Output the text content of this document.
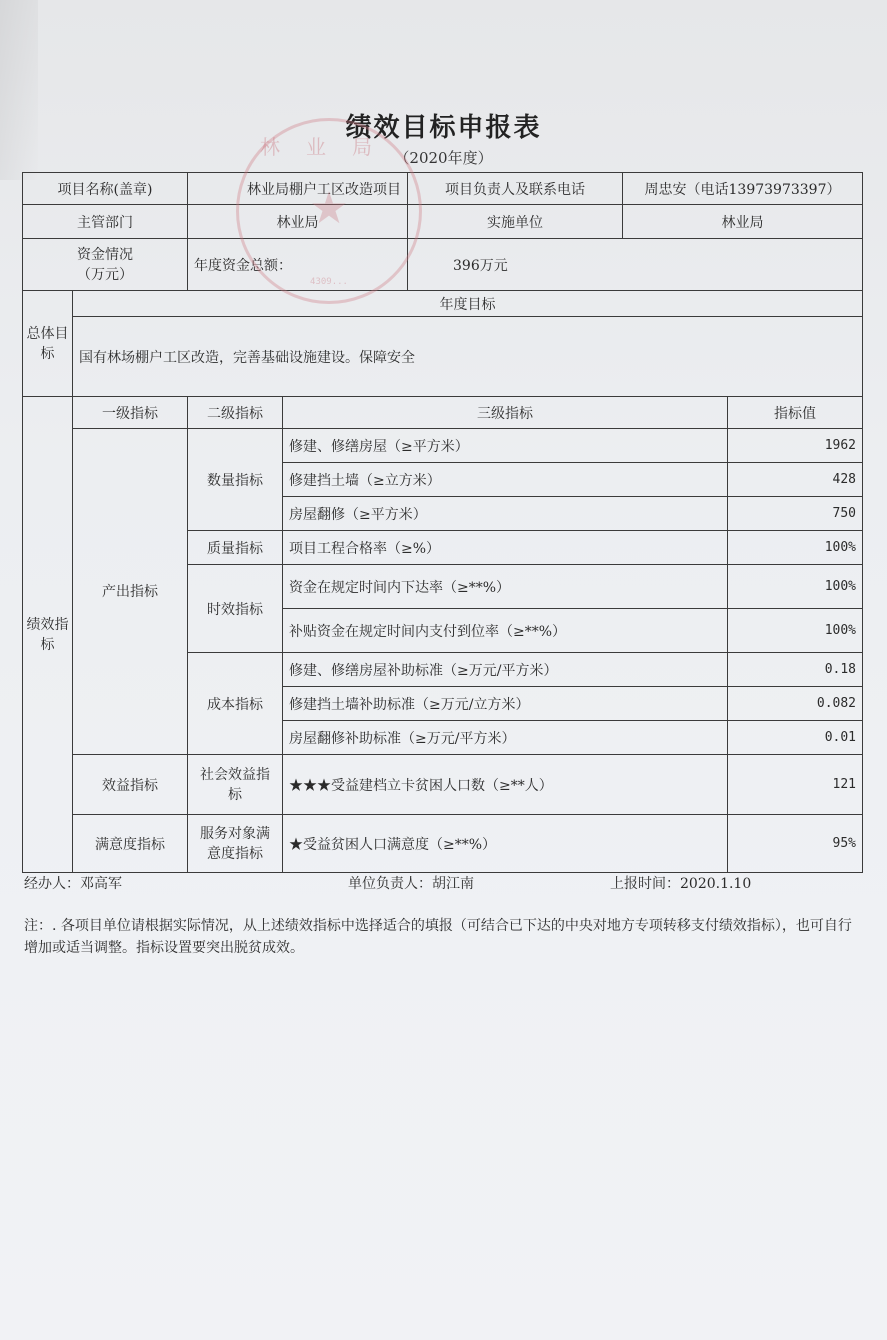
绩效目标申报表
（2020年度）
项目名称(盖章)		林业局棚户工区改造项目		项目负责人及联系电话	周忠安（电话13973973397）	
主管部门		林业局		实施单位	林业局	

资金情况
（万元）		年度资金总额：		396万元		
总体目标	年度目标					
	国有林场棚户工区改造，完善基础设施建设。保障安全					
绩效指标	一级指标	二级指标	三级指标			指标值
	产出指标	数量指标	修建、修缮房屋（≥平方米）			1962
			修建挡土墙（≥立方米）			428
			房屋翻修（≥平方米）			750
		质量指标	项目工程合格率（≥%）			100%
		时效指标	资金在规定时间内下达率（≥**%）			100%
			补贴资金在规定时间内支付到位率（≥**%）			100%
		成本指标	修建、修缮房屋补助标准（≥万元/平方米）			0.18
			修建挡土墙补助标准（≥万元/立方米）			0.082
			房屋翻修补助标准（≥万元/平方米）			0.01
	效益指标	社会效益指标	★★★受益建档立卡贫困人口数（≥**人）			121
	满意度指标	服务对象满意度指标	★受益贫困人口满意度（≥**%）			95%
林业局
★
4309...
经办人：邓高军	单位负责人：胡江南	上报时间：2020.1.10
注：. 各项目单位请根据实际情况，从上述绩效指标中选择适合的填报（可结合已下达的中央对地方专项转移支付绩效指标），也可自行增加或适当调整。指标设置要突出脱贫成效。
